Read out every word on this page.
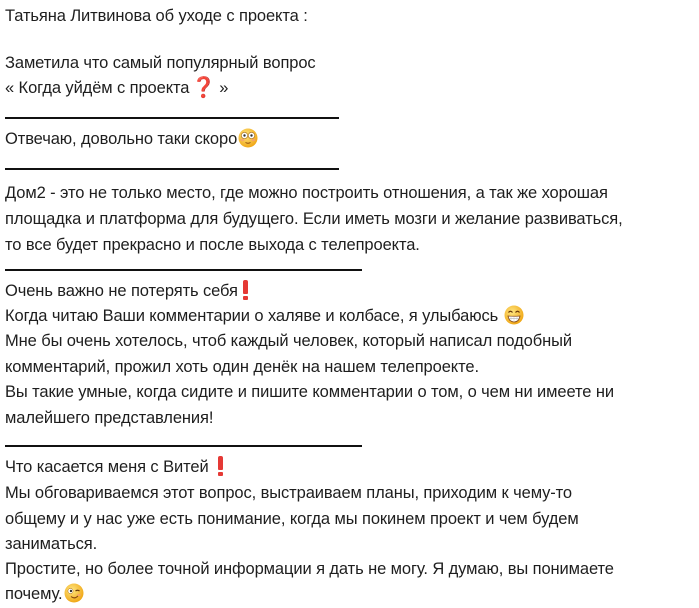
Татьяна Литвинова об уходе с проекта :
Заметила что самый популярный вопрос
« Когда уйдём с проекта ❓ »
Отвечаю, довольно таки скоро
Дом2 - это не только место, где можно построить отношения, а так же хорошая
площадка и платформа для будущего. Если иметь мозги и желание развиваться,
то все будет прекрасно и после выхода с телепроекта.
Очень важно не потерять себя
Когда читаю Ваши комментарии о халяве и колбасе, я улыбаюсь
Мне бы очень хотелось, чтоб каждый человек, который написал подобный
комментарий, прожил хоть один денёк на нашем телепроекте.
Вы такие умные, когда сидите и пишите комментарии о том, о чем ни имеете ни
малейшего представления!
Что касается меня с Витей
Мы обговариваемся этот вопрос, выстраиваем планы, приходим к чему-то
общему и у нас уже есть понимание, когда мы покинем проект и чем будем
заниматься.
Простите, но более точной информации я дать не могу. Я думаю, вы понимаете
почему.
